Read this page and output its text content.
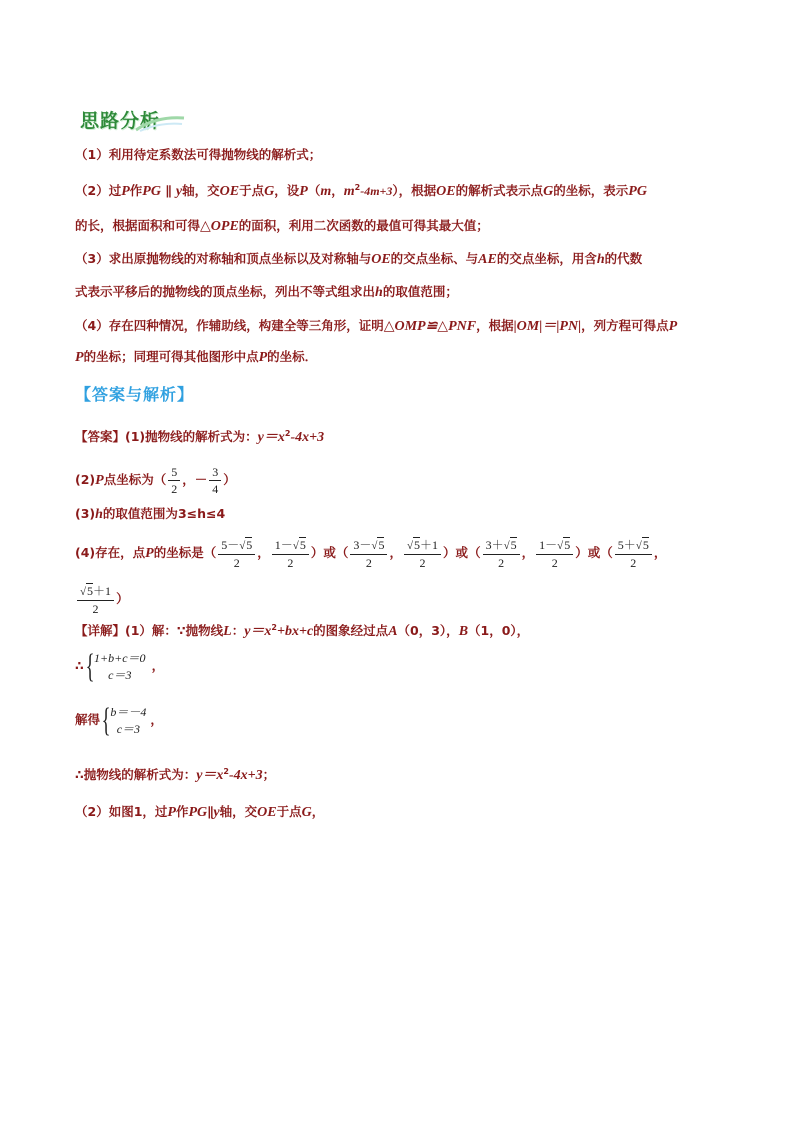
思路分析
（1）利用待定系数法可得抛物线的解析式；
（2）过P作PG ∥ y轴，交OE于点G，设P（m，$m^2-4m+3$），根据OE的解析式表示点G的坐标，表示PG
的长，根据面积和可得△OPE的面积，利用二次函数的最值可得其最大值；
（3）求出原抛物线的对称轴和顶点坐标以及对称轴与OE的交点坐标、与AE的交点坐标，用含h的代数
式表示平移后的抛物线的顶点坐标，列出不等式组求出h的取值范围；
（4）存在四种情况，作辅助线，构建全等三角形，证明△OMP≌△PNF，根据|OM|＝|PN|，列方程可得点P
P的坐标；同理可得其他图形中点P的坐标．
【答案与解析】
【答案】(1)抛物线的解析式为：$y=x^2-4x+3$
(2)P点坐标为（ $\frac{5}{2}$ ，－ $\frac{3}{4}$ ）
(3)h的取值范围为3≤h≤4
(4)存在，点P的坐标是（ $\frac{5-√5}{2}$ ， $\frac{1-√5}{2}$ ）或（ $\frac{3-√5}{2}$ ， $\frac{√5+1}{2}$ ）或（ $\frac{3+√5}{2}$ ， $\frac{1-√5}{2}$ ）或（ $\frac{5+√5}{2}$ ，
$\frac{√5+1}{2}$ ）
【详解】(1）解：∵抛物线L：$y=x^2+bx+c$的图象经过点A（0，3），B（1，0），
∴ { 1+b+c＝0
c＝3
，
解得 { b＝－4
c＝3
，
∴抛物线的解析式为：$y=x^2-4x+3$；
（2）如图1，过P作PG∥y轴，交OE于点G，
